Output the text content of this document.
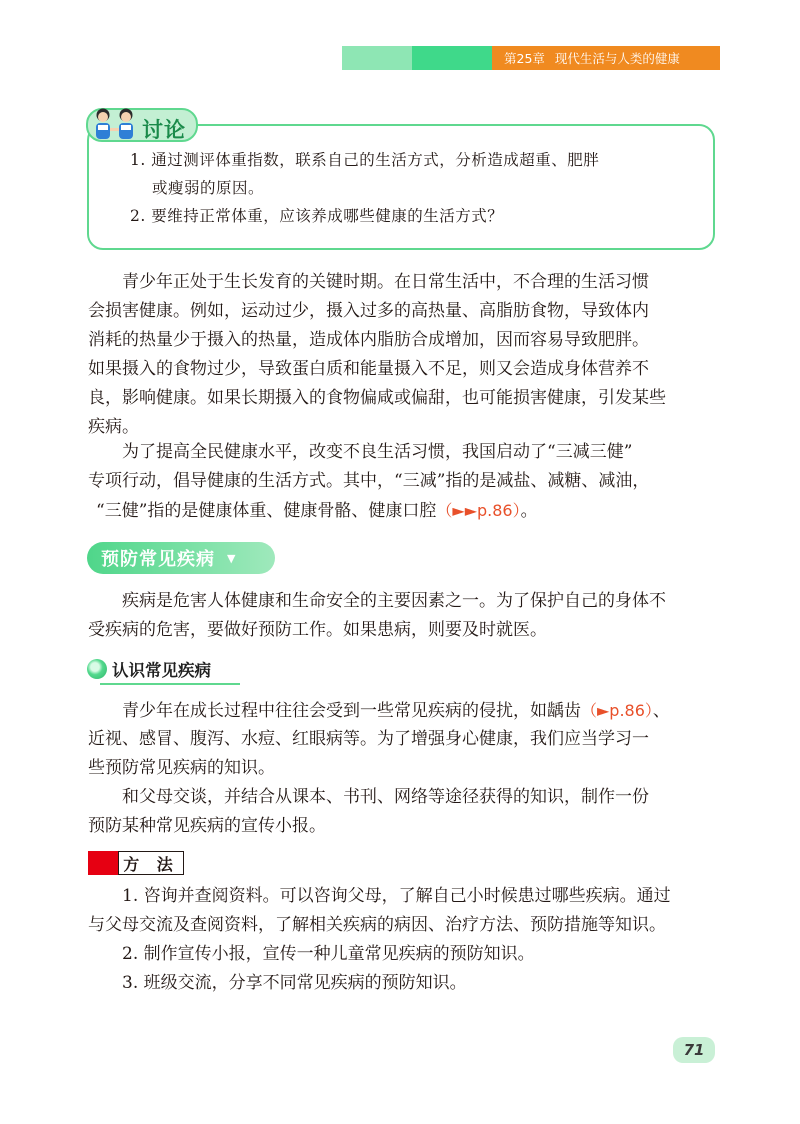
第25章 现代生活与人类的健康
讨论
1. 通过测评体重指数，联系自己的生活方式，分析造成超重、肥胖
或瘦弱的原因。
2. 要维持正常体重，应该养成哪些健康的生活方式？
青少年正处于生长发育的关键时期。在日常生活中，不合理的生活习惯
会损害健康。例如，运动过少，摄入过多的高热量、高脂肪食物，导致体内
消耗的热量少于摄入的热量，造成体内脂肪合成增加，因而容易导致肥胖。
如果摄入的食物过少，导致蛋白质和能量摄入不足，则又会造成身体营养不
良，影响健康。如果长期摄入的食物偏咸或偏甜，也可能损害健康，引发某些
疾病。
为了提高全民健康水平，改变不良生活习惯，我国启动了“三减三健”
专项行动，倡导健康的生活方式。其中，“三减”指的是减盐、减糖、减油，
“三健”指的是健康体重、健康骨骼、健康口腔（►►p.86）。
预防常见疾病 ▼
疾病是危害人体健康和生命安全的主要因素之一。为了保护自己的身体不
受疾病的危害，要做好预防工作。如果患病，则要及时就医。
认识常见疾病
青少年在成长过程中往往会受到一些常见疾病的侵扰，如龋齿（►p.86）、
近视、感冒、腹泻、水痘、红眼病等。为了增强身心健康，我们应当学习一
些预防常见疾病的知识。
和父母交谈，并结合从课本、书刊、网络等途径获得的知识，制作一份
预防某种常见疾病的宣传小报。
方 法
1. 咨询并查阅资料。可以咨询父母，了解自己小时候患过哪些疾病。通过
与父母交流及查阅资料，了解相关疾病的病因、治疗方法、预防措施等知识。
2. 制作宣传小报，宣传一种儿童常见疾病的预防知识。
3. 班级交流，分享不同常见疾病的预防知识。
71
